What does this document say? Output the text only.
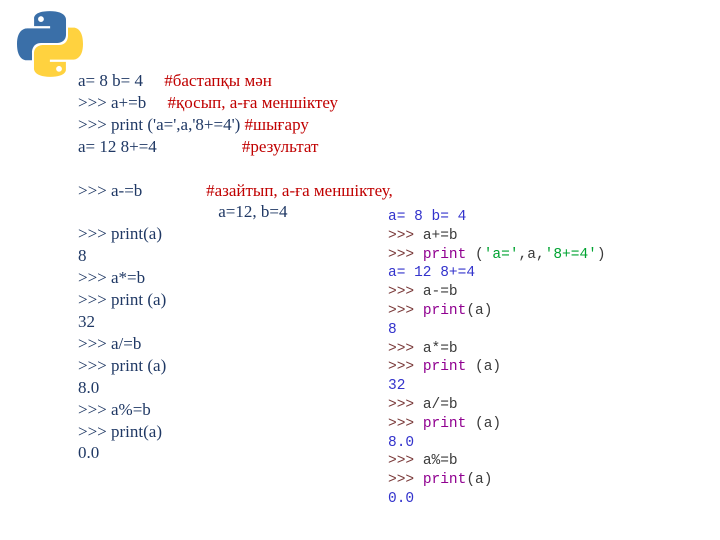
a= 8 b= 4     #бастапқы мән
>>> a+=b     #қосып, а-ға меншіктеу
>>> print ('a=',a,'8+=4') #шығару
a= 12 8+=4                    #результат

>>> a-=b               #азайтып, а-ға меншіктеу,
a=12, b=4
>>> print(a)
8
>>> a*=b
>>> print (a)
32
>>> a/=b
>>> print (a)
8.0
>>> a%=b
>>> print(a)
0.0
a= 8 b= 4
>>> a+=b
>>> print ('a=',a,'8+=4')
a= 12 8+=4
>>> a-=b
>>> print(a)
8
>>> a*=b
>>> print (a)
32
>>> a/=b
>>> print (a)
8.0
>>> a%=b
>>> print(a)
0.0
